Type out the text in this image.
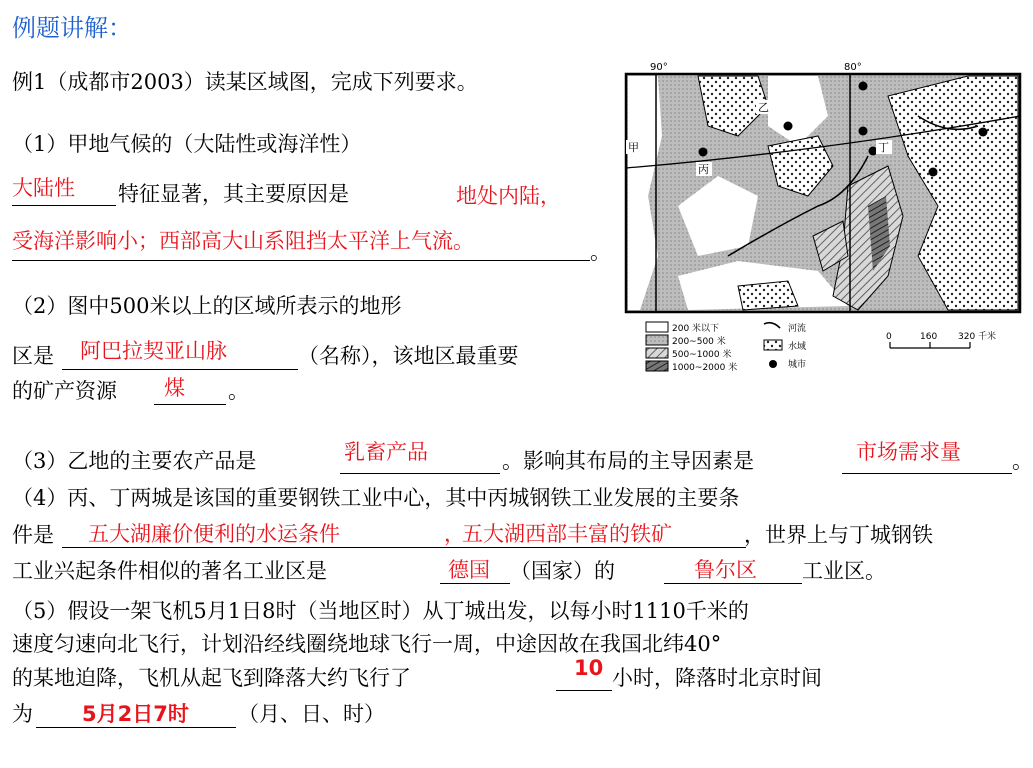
例题讲解：
例1（成都市2003）读某区域图，完成下列要求。
（1）甲地气候的（大陆性或海洋性）
大陆性 特征显著，其主要原因是	地处内陆，
受海洋影响小；西部高大山系阻挡太平洋上气流。	。
（2）图中500米以上的区域所表示的地形
区是 阿巴拉契亚山脉	（名称），该地区最重要
的矿产资源 煤 。
（3）乙地的主要农产品是	乳畜产品	。影响其布局的主导因素是	市场需求量 。
（4）丙、丁两城是该国的重要钢铁工业中心，其中丙城钢铁工业发展的主要条
件是 五大湖廉价便利的水运条件	，
五大湖西部丰富的铁矿	，世界上与丁城钢铁
工业兴起条件相似的著名工业区是	德国 （国家）的	鲁尔区 工业区。
（5）假设一架飞机5月1日8时（当地区时）从丁城出发，以每小时1110千米的
速度匀速向北飞行，计划沿经线圈绕地球飞行一周，中途因故在我国北纬40°
的某地迫降，飞机从起飞到降落大约飞行了	10 小时，降落时北京时间
为 5月2日7时 （月、日、时）
90°	80°
甲
乙
丙
丁
200 米以下
200~500 米
500~1000 米
1000~2000 米
河流
水域
城市
0	160 320 千米
